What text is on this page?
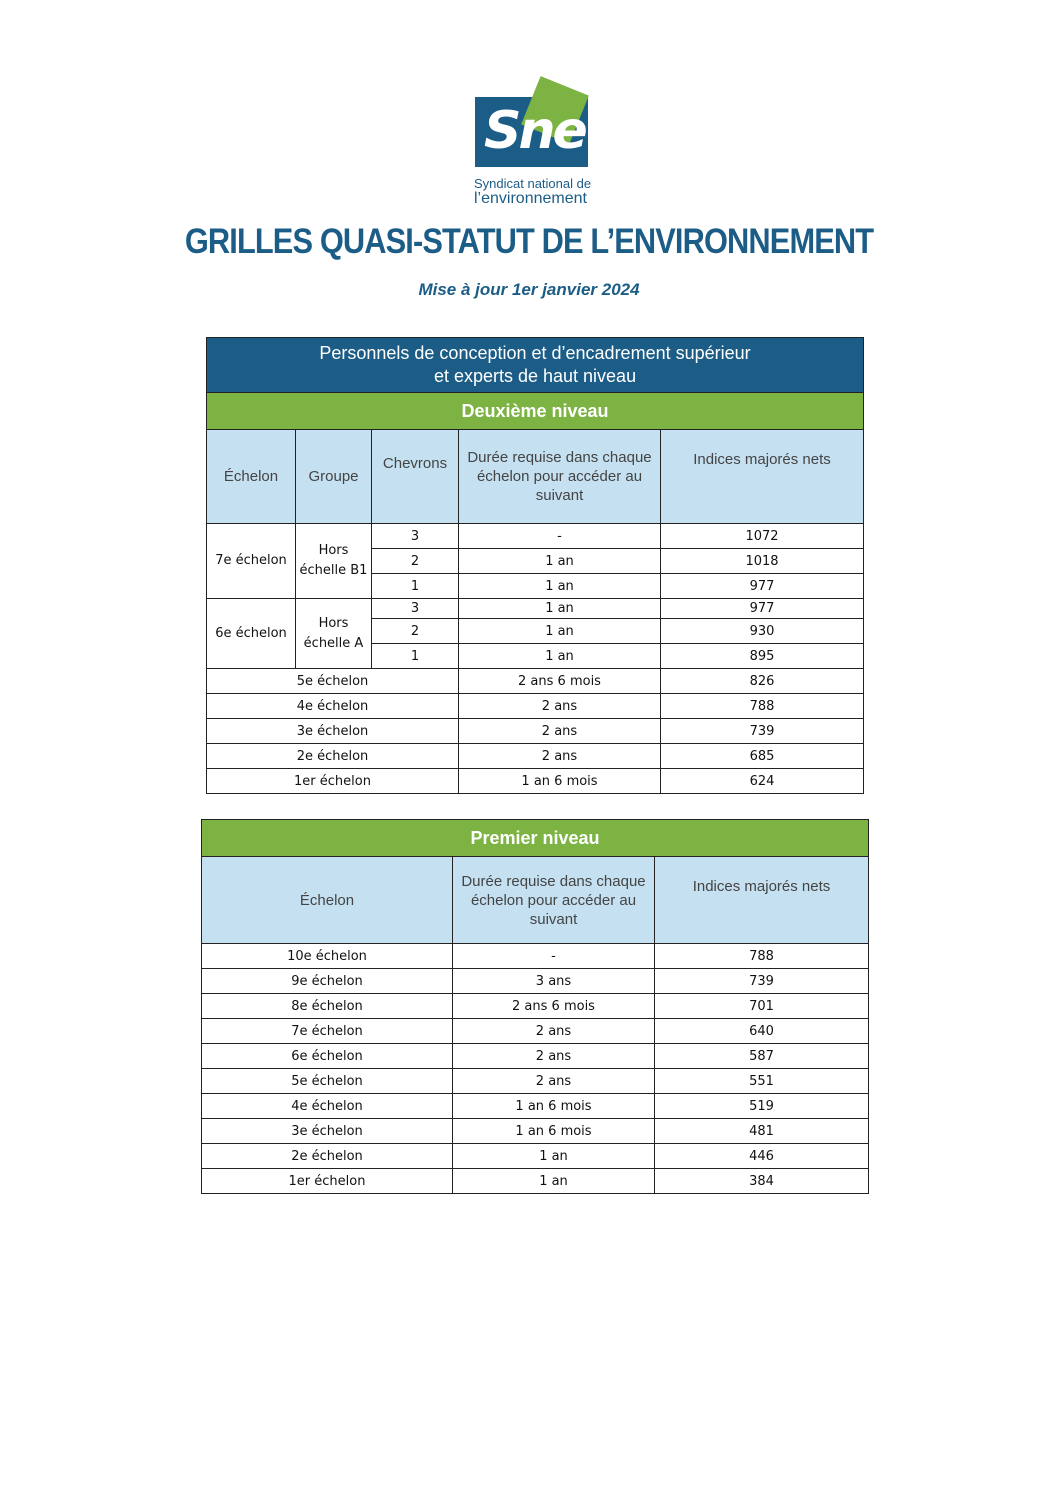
Sne
Syndicat national de
l’environnement
GRILLES QUASI-STATUT DE L’ENVIRONNEMENT
Mise à jour 1er janvier 2024
Personnels de conception et d’encadrement supérieur
et experts de haut niveau				

Deuxième niveau				
Échelon	Groupe	Chevrons	Durée requise dans chaque échelon pour accéder au suivant	Indices majorés nets
7e échelon	Hors échelle B1	3	-	1072
		2	1 an	1018
		1	1 an	977
6e échelon	Hors échelle A	3	1 an	977
		2	1 an	930
		1	1 an	895
5e échelon			2 ans 6 mois	826
4e échelon			2 ans	788
3e échelon			2 ans	739
2e échelon			2 ans	685
1er échelon			1 an 6 mois	624
Premier niveau		
Échelon	Durée requise dans chaque échelon pour accéder au suivant	Indices majorés nets
10e échelon	-	788
9e échelon	3 ans	739
8e échelon	2 ans 6 mois	701
7e échelon	2 ans	640
6e échelon	2 ans	587
5e échelon	2 ans	551
4e échelon	1 an 6 mois	519
3e échelon	1 an 6 mois	481
2e échelon	1 an	446
1er échelon	1 an	384
